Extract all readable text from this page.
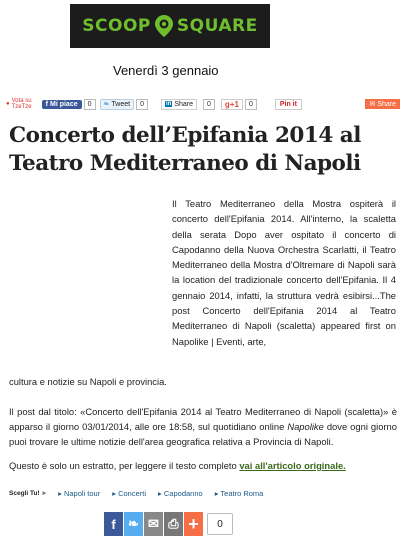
SCOOP SQUARE
Venerdì 3 gennaio
● Vota su
TzeTze f Mi piace	0	❧ Tweet	0	in Share	0	g+1	0	Pin it	✉ Share
Concerto dell’Epifania 2014 al Teatro Mediterraneo di Napoli

Il Teatro Mediterraneo della Mostra ospiterà il concerto dell'Epifania 2014. All'interno, la scaletta della serata Dopo aver ospitato il concerto di Capodanno della Nuova Orchestra Scarlatti, il Teatro Mediterraneo della Mostra d'Oltremare di Napoli sarà la location del tradizionale concerto dell'Epifania. Il 4 gennaio 2014, infatti, la struttura vedrà esibirsi...The post Concerto dell'Epifania 2014 al Teatro Mediterraneo di Napoli (scaletta) appeared first on Napolike | Eventi, arte,

cultura e notizie su Napoli e provincia.

Il post dal titolo: «Concerto dell'Epifania 2014 al Teatro Mediterraneo di Napoli (scaletta)» è apparso il giorno 03/01/2014, alle ore 18:58, sul quotidiano online Napolike dove ogni giorno puoi trovare le ultime notizie dell'area geografica relativa a Provincia di Napoli.

Questo è solo un estratto, per leggere il testo completo vai all'articolo originale.

Scegli Tu! ▸ ▸ Napoli tour ▸ Concerti ▸ Capodanno ▸ Teatro Roma
f ❧ ✉ ⎙ +	0
